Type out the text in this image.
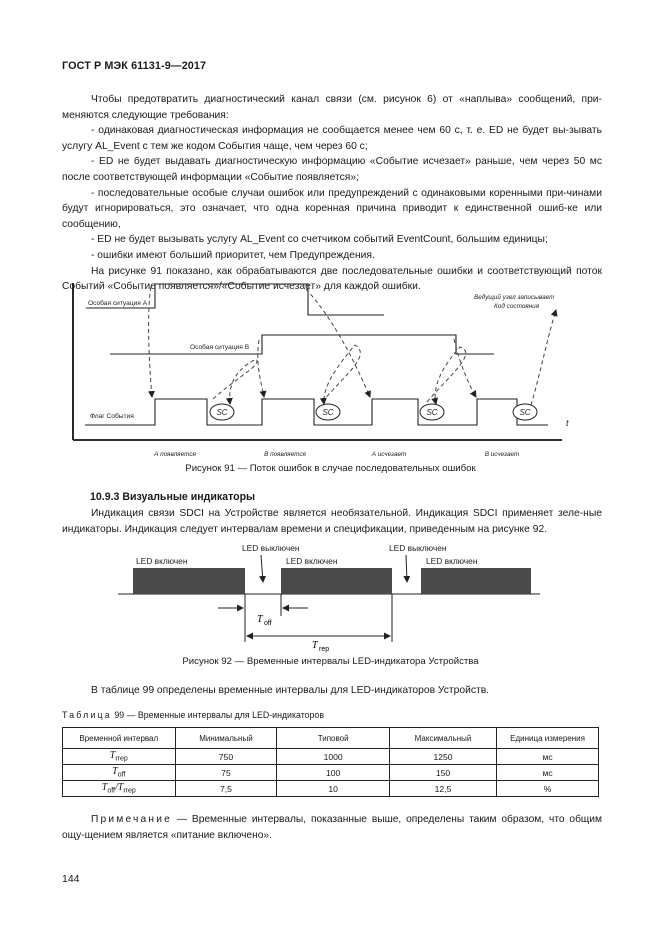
ГОСТ Р МЭК 61131-9—2017

Чтобы предотвратить диагностический канал связи (см. рисунок 6) от «наплыва» сообщений, при-меняются следующие требования:

- одинаковая диагностическая информация не сообщается менее чем 60 с, т. е. ED не будет вы-зывать услугу AL_Event с тем же кодом События чаще, чем через 60 с;

- ED не будет выдавать диагностическую информацию «Событие исчезает» раньше, чем через 50 мс после соответствующей информации «Событие появляется»;

- последовательные особые случаи ошибок или предупреждений с одинаковыми коренными при-чинами будут игнорироваться, это означает, что одна коренная причина приводит к единственной ошиб-ке или сообщению,

- ED не будет вызывать услугу AL_Event со счетчиком событий EventCount, большим единицы;

- ошибки имеют больший приоритет, чем Предупреждения.

На рисунке 91 показано, как обрабатываются две последовательные ошибки и соответствующий поток Событий «Событие появляется»/«Событие исчезает» для каждой ошибки.

t
Особая ситуация А
Особая ситуация В
Флаг События	SC	SC	SC	SC
Ведущий узел записывает
Код состояния
А появляется	В появляется	А исчезает	В исчезает
Рисунок 91 — Поток ошибок в случае последовательных ошибок
10.9.3 Визуальные индикаторы
Индикация связи SDCI на Устройстве является необязательной. Индикация SDCI применяет зеле-ные индикаторы. Индикация следует интервалам времени и спецификации, приведенным на рисунке 92.
LED включен	LED включен	LED включен
LED выключен	LED выключен
T off
T rep
Рисунок 92 — Временные интервалы LED-индикатора Устройства
В таблице 99 определены временные интервалы для LED-индикаторов Устройств.
Таблица 99 — Временные интервалы для LED-индикаторов
Временной интервал	Минимальный	Типовой	Максимальный	Единица измерения
$T_{rrep}$	750	1000	1250	мс
$T_{off}$	75	100	150	мс
$T_{off}/T_{rrep}$	7,5	10	12,5	%
Примечание — Временные интервалы, показанные выше, определены таким образом, что общим ощу-щением является «питание включено».
144
